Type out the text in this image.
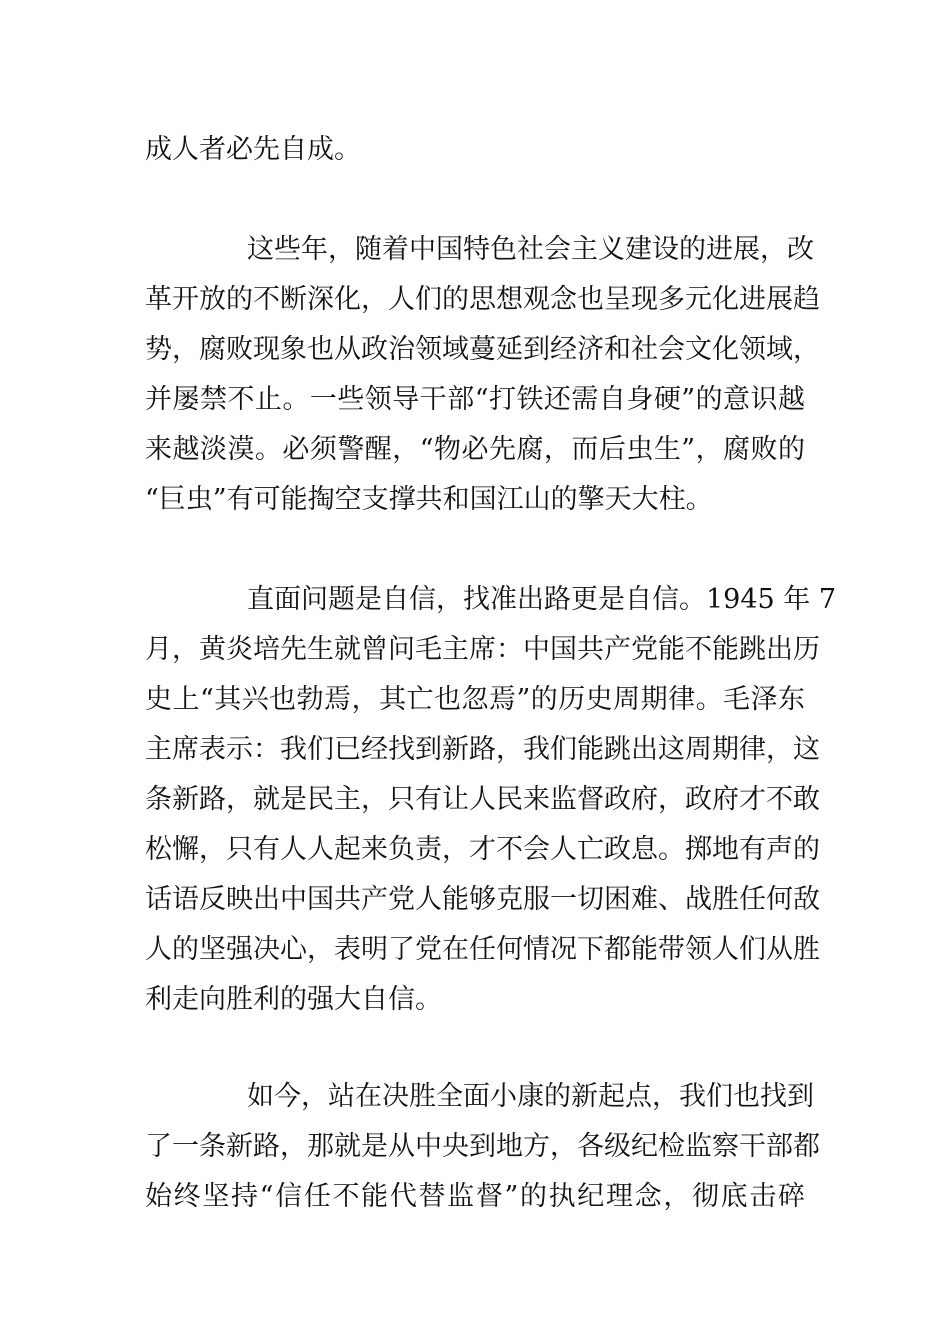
成人者必先自成。
这些年，随着中国特色社会主义建设的进展，改
革开放的不断深化，人们的思想观念也呈现多元化进展趋
势，腐败现象也从政治领域蔓延到经济和社会文化领域，
并屡禁不止。一些领导干部“打铁还需自身硬”的意识越
来越淡漠。必须警醒，“物必先腐，而后虫生”，腐败的
“巨虫”有可能掏空支撑共和国江山的擎天大柱。
直面问题是自信，找准出路更是自信。1945 年 7
月，黄炎培先生就曾问毛主席：中国共产党能不能跳出历
史上“其兴也勃焉，其亡也忽焉”的历史周期律。毛泽东
主席表示：我们已经找到新路，我们能跳出这周期律，这
条新路，就是民主，只有让人民来监督政府，政府才不敢
松懈，只有人人起来负责，才不会人亡政息。掷地有声的
话语反映出中国共产党人能够克服一切困难、战胜任何敌
人的坚强决心，表明了党在任何情况下都能带领人们从胜
利走向胜利的强大自信。
如今，站在决胜全面小康的新起点，我们也找到
了一条新路，那就是从中央到地方，各级纪检监察干部都
始终坚持“信任不能代替监督”的执纪理念，彻底击碎
